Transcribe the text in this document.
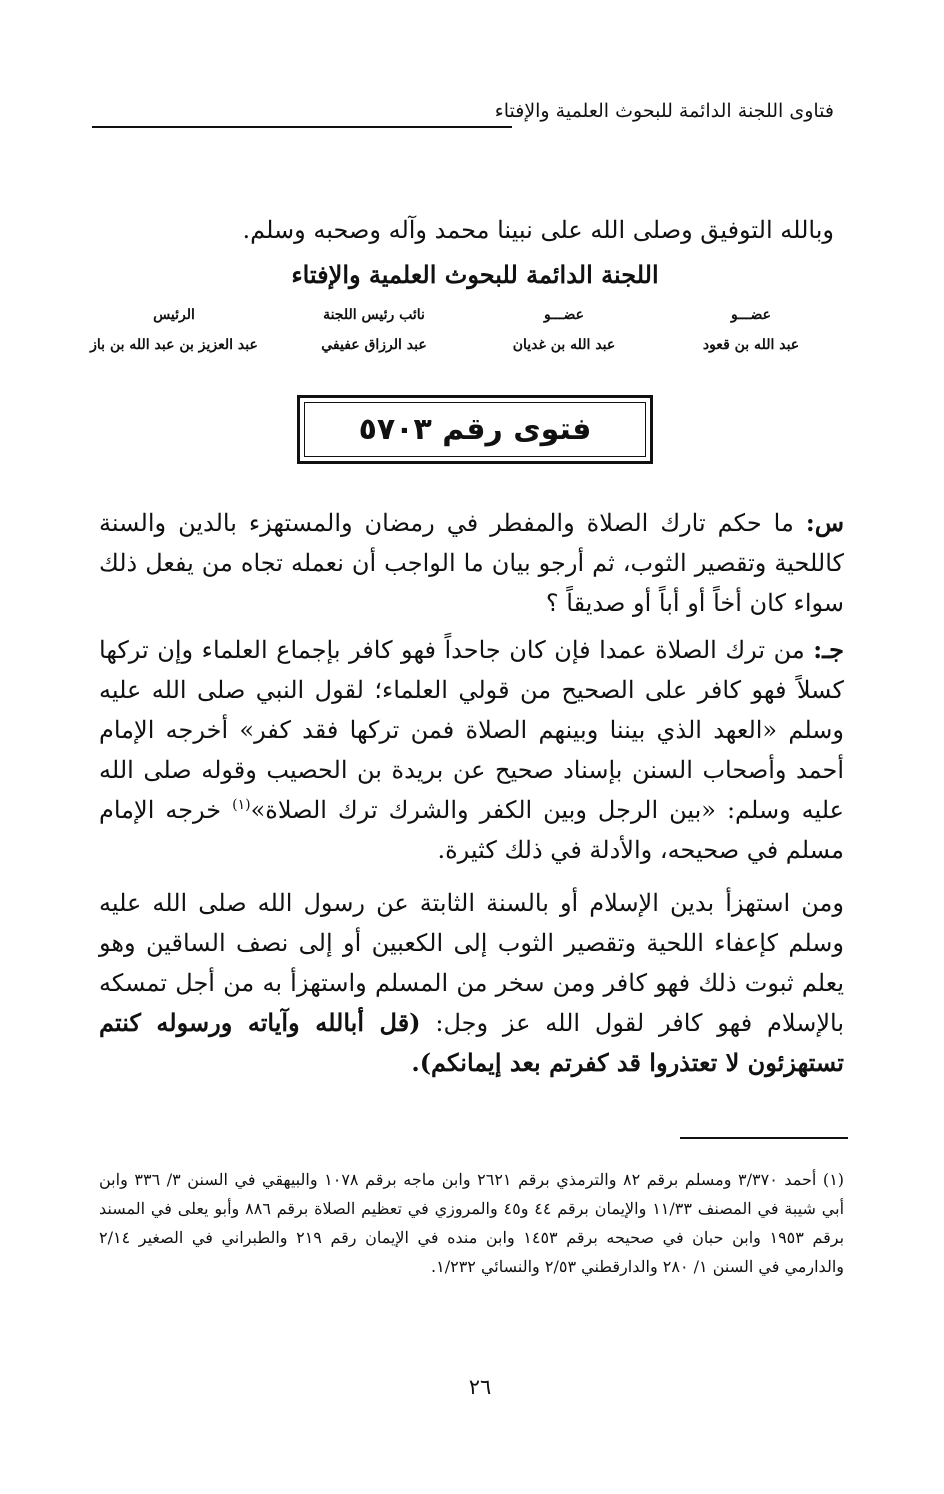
فتاوى اللجنة الدائمة للبحوث العلمية والإفتاء
وبالله التوفيق وصلى الله على نبينا محمد وآله وصحبه وسلم.
اللجنة الدائمة للبحوث العلمية والإفتاء
عضـــو
عبد الله بن قعود
عضـــو
عبد الله بن غديان
نائب رئيس اللجنة
عبد الرزاق عفيفي
الرئيس
عبد العزيز بن عبد الله بن باز
فتوى رقم ٥٧٠٣
س: ما حكم تارك الصلاة والمفطر في رمضان والمستهزء بالدين والسنة كاللحية وتقصير الثوب، ثم أرجو بيان ما الواجب أن نعمله تجاه من يفعل ذلك سواء كان أخاً أو أباً أو صديقاً ؟
جـ: من ترك الصلاة عمدا فإن كان جاحداً فهو كافر بإجماع العلماء وإن تركها كسلاً فهو كافر على الصحيح من قولي العلماء؛ لقول النبي صلى الله عليه وسلم «العهد الذي بيننا وبينهم الصلاة فمن تركها فقد كفر» أخرجه الإمام أحمد وأصحاب السنن بإسناد صحيح عن بريدة بن الحصيب وقوله صلى الله عليه وسلم: «بين الرجل وبين الكفر والشرك ترك الصلاة»$^{(١)}$ خرجه الإمام مسلم في صحيحه، والأدلة في ذلك كثيرة.
ومن استهزأ بدين الإسلام أو بالسنة الثابتة عن رسول الله صلى الله عليه وسلم كإعفاء اللحية وتقصير الثوب إلى الكعبين أو إلى نصف الساقين وهو يعلم ثبوت ذلك فهو كافر ومن سخر من المسلم واستهزأ به من أجل تمسكه بالإسلام فهو كافر لقول الله عز وجل: (قل أبالله وآياته ورسوله كنتم تستهزئون لا تعتذروا قد كفرتم بعد إيمانكم).
(١) أحمد ٣/٣٧٠ ومسلم برقم ٨٢ والترمذي برقم ٢٦٢١ وابن ماجه برقم ١٠٧٨ والبيهقي في السنن ٣/ ٣٣٦ وابن أبي شيبة في المصنف ١١/٣٣ والإيمان برقم ٤٤ و٤٥ والمروزي في تعظيم الصلاة برقم ٨٨٦ وأبو يعلى في المسند برقم ١٩٥٣ وابن حبان في صحيحه برقم ١٤٥٣ وابن منده في الإيمان رقم ٢١٩ والطبراني في الصغير ٢/١٤ والدارمي في السنن ١/ ٢٨٠ والدارقطني ٢/٥٣ والنسائي ١/٢٣٢.
٢٦
